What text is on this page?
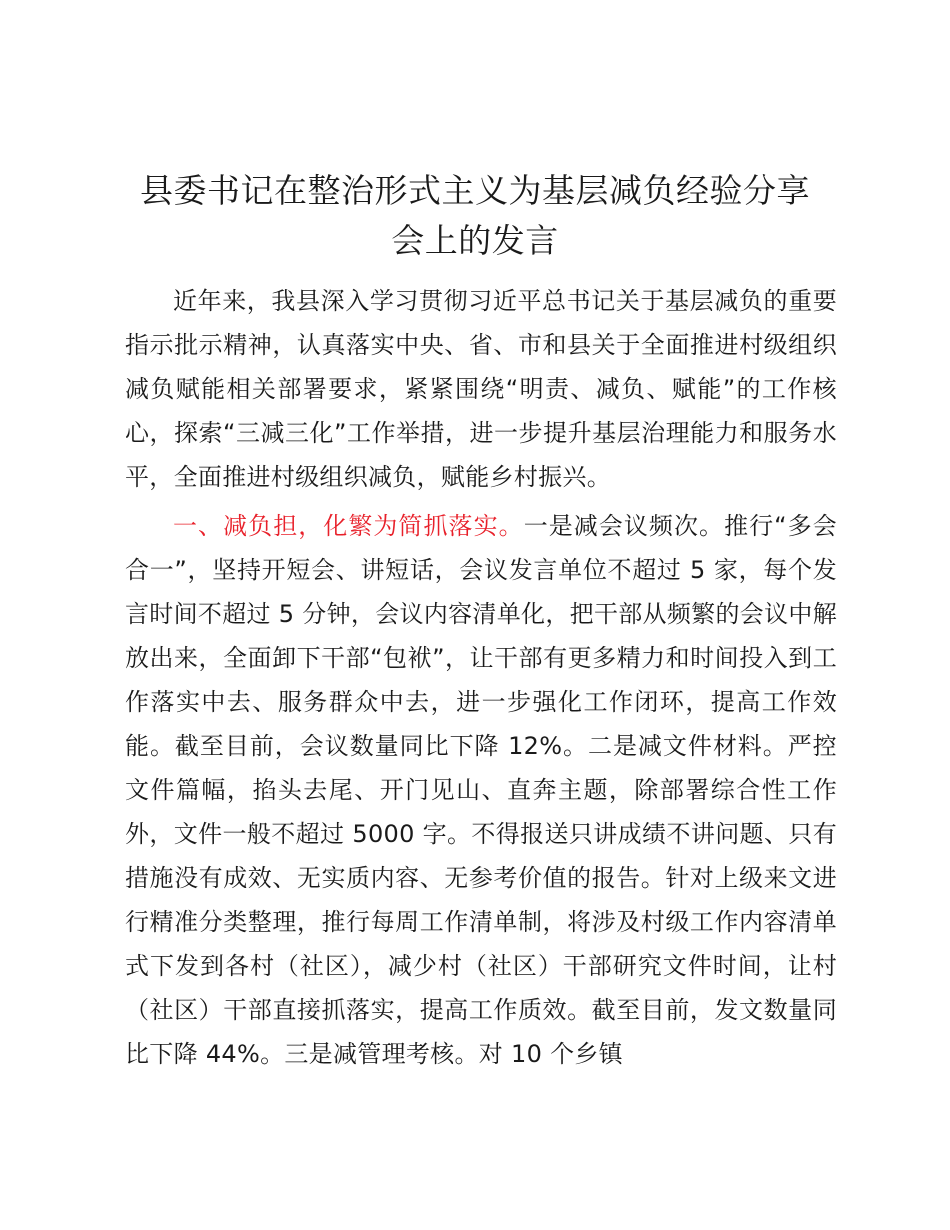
县委书记在整治形式主义为基层减负经验分享
会上的发言

近年来，我县深入学习贯彻习近平总书记关于基层减负的重要指示批示精神，认真落实中央、省、市和县关于全面推进村级组织减负赋能相关部署要求，紧紧围绕“明责、减负、赋能”的工作核心，探索“三减三化”工作举措，进一步提升基层治理能力和服务水平，全面推进村级组织减负，赋能乡村振兴。

一、减负担，化繁为简抓落实。一是减会议频次。推行“多会合一”，坚持开短会、讲短话，会议发言单位不超过 5 家，每个发言时间不超过 5 分钟，会议内容清单化，把干部从频繁的会议中解放出来，全面卸下干部“包袱”，让干部有更多精力和时间投入到工作落实中去、服务群众中去，进一步强化工作闭环，提高工作效能。截至目前，会议数量同比下降 12%。二是减文件材料。严控文件篇幅，掐头去尾、开门见山、直奔主题，除部署综合性工作外，文件一般不超过 5000 字。不得报送只讲成绩不讲问题、只有措施没有成效、无实质内容、无参考价值的报告。针对上级来文进行精准分类整理，推行每周工作清单制，将涉及村级工作内容清单式下发到各村（社区），减少村（社区）干部研究文件时间，让村（社区）干部直接抓落实，提高工作质效。截至目前，发文数量同比下降 44%。三是减管理考核。对 10 个乡镇
